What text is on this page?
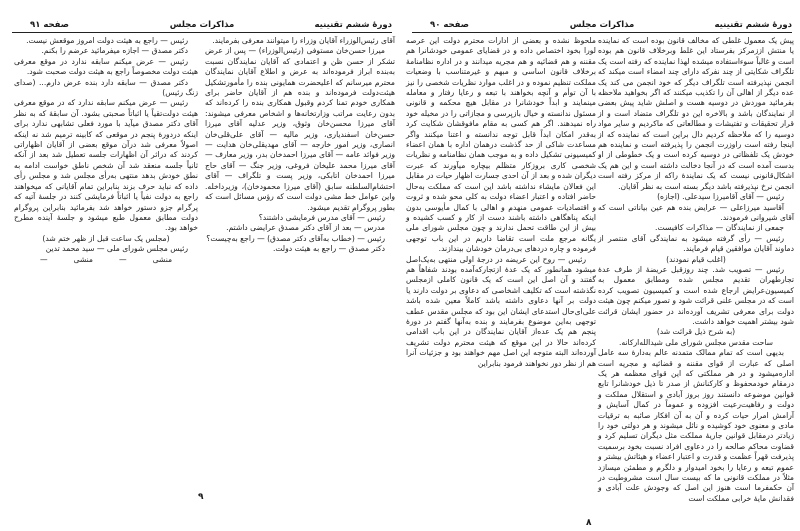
دورهٔ ششم تقنینیه
مذاکرات مجلس
صفحه ۹۱

آقای رئیس‌الوزراء آقایان وزراء را میتوانند معرفی بفرمایند.

میرزا حسن‌خان مستوفی (رئیس‌الوزراء) — پس از عرض تشکر از حسن ظن و اعتمادی که آقایان نمایندگان نسبت به‌بنده ابراز فرموده‌اند به عرض و اطلاع آقایان نمایندگان محترم میرسانم که اعلیحضرت همایونی بنده را مأمورتشکیل هیئت‌دولت فرموده‌اند و بنده هم از آقایان حاضر برای همکاری خودم تمنا کردم وقبول همکاری بنده را کرده‌اند که بدون رعایت مراتب وزارتخانه‌ها و اشخاص معرفی میشوند: آقای میرزا محسن‌خان وثوق، وزیر عدلیه آقای میرزا حسن‌خان اسفندیاری، وزیر مالیه — آقای علی‌قلی‌خان انصاری، وزیر امور خارجه — آقای مهدیقلی‌خان هدایت — وزیر فوائد عامه — آقای میرزا احمدخان بدر، وزیر معارف — آقای میرزا محمد علیخان فروغی، وزیر جنگ — آقای حاج میرزا احمدخان اتابکی، وزیر پست و تلگراف — آقای احتشام‌السلطنه سابق (آقای میرزا محمودخان)، وزیرداخله. واین عوامل خط مشی دولت است که رؤس مسائل است که بطور پروگرام تقدیم میشود.

رئیس — آقای مدرس فرمایشی داشتند؟

مدرس — بعد از آقای دکتر مصدق عرایضی داشتم.

رئیس — (خطاب به‌آقای دکتر مصدق) — راجع به‌چیست؟

دکتر مصدق — راجع به هیئت دولت.

رئیس — راجع به هیئت دولت امروز موقعش نیست.

دکتر مصدق — اجازه میفرمائید عرضم را بکنم.

رئیس — عرض میکنم سابقه ندارد در موقع معرفی هیئت دولت مخصوصاً راجع به هیئت دولت صحبت شود.

دکتر مصدق — سابقه دارد بنده عرض دارم... (صدای زنگ رئیس)

رئیس — عرض میکنم سابقه ندارد که در موقع معرفی هیئت دولت‌تقیاً یا اثباتاً صحبتی بشود. آن سابقهٔ که به نظر آقای دکتر مصدق میآید با مورد فعلی تشابهی ندارد برای اینکه دردورهٔ پنجم در موقعی که کابینه ترمیم شد نه اینکه اصولاً معرفی شد درآن موقع بعضی از آقایان اظهاراتی کردند که دراثر آن اظهارات جلسه تعطیل شد بعد از آنکه ثانیاً جلسه منعقد شد آن شخص ناطق خواست ادامه به نطق خودش بدهد منتهی به‌رأی مجلس شد و مجلس رأی داده که نباید حرف بزند بنابراین تمام آقایانی که میخواهند راجع به دولت نفیاً یا اثباتاً فرمایشی کنند در جلسهٔ آتیه که پرگرام جزو دستور خواهد شد بفرمائید بنابراین پروگرام دولت مطابق معمول طبع میشود و جلسهٔ آینده مطرح خواهد بود.

(مجلس یک ساعت قبل از ظهر ختم شد)

رئیس مجلس شورای ملی — سید محمد تدین

منشی
—
منشی
—
۹
دورهٔ ششم تقنینیه
مذاکرات مجلس
صفحه ۹۰

پیش یک معمول غلطی که مخالف قانون بوده است که نماینده یا منتش اززمرکز بفرستاد این غلط وبرخلاف قانون هم بوده است و غالباً سوءاستفاده میشده لهذا نماینده که رفته است یک تلگراف شکایتی از چند نفرکه دارای چند امضاء است میکند که انجمن نپذیرفته است تلگراف دیگر که خود انجمن می کند یک عده دیگر از اهالی آن را تکذیب میکنند که اگر بخواهید ملاحظه بفرمائید موردش در دوسیه هست و اصلش شاید پیش بعضی از نمایندگان باشد و بالاخره این دو تلگراف متضاد است و از قرار تحقیقات و تفتیشات و مطالعاتی که ماکردیم و سایر مواد دوسیه را که ملاحظه کردیم دال براین است که نماینده که از اینجا رفته است راوزرت انجمن را پذیرفته است و نماینده هم خودش یک تلفظاتی در دوسیه کرده است و یک خطوطی از او بدست آمده است که در آنجا دخالت داشته است و این هم یک اشکال‌قانونی نیست که یک نمایندهٔ راکه از مرکز رفته است انجمن نرخ نپذیرفته باشد دیگر بسته است به نظر آقایان.

رئیس — آقای آقامیرزا سیدعلی. (اجازه)

آقاسید میرزاعلی — عرایض بنده هم عین بیاناتی است که آقای شیروانی فرمودند.

جمعی از نمایندگان — مذاکرات کافیست.

رئیس — رأی گرفته میشود به نمایندگی آقای منتصر از دماوند آقایان موافقین قیام فرمایند.

(اغلب قیام نمودند)

رئیس — تصویب شد. چند روزقبل عریضهٔ از طرف عدهٔ تجارطهران تقدیم مجلس شده ومطابق معمول به کمیسیون‌عرایض ارجاع شده است و کمیسیون تصویب کرده است که در مجلس علنی قرائت شود و تصور میکنم چون هیئت دولت برای معرفی تشریف آورده‌اند در حضور ایشان قرائت شود بیشتر اهمیت خواهد داشت.

(به شرح ذیل قرائت شد)

ساحت مقدس مجلس شورای ملی شیدالله‌ارکانه.

بدیهی است که تمام ممالک متمدنه عالم به‌دارهٔ سه عامل اصلی که عبارت از قوای مقننه و قضائیه و مجریه است اداره‌میشود و در هر مملکتی که این قوای معظمه هر یک درمقام خودمحفوظ و کارکنانش از صدر تا ذیل خودشانرا تابع قوانین موضوعه دانستند روز بروز آبادی و استقلال مملکت و دولت و رفاهیت‌رعیت افزوده و عموماً در کمال آسایش و آرامش امرار حیات کرده و آن به آن افکار صائبه به ترقیات مادی و معنوی خود کوشیده و نائل میشوند و هر دولتی خود را زیادتر درمقابل قوانین جاریهٔ مملکت مثل دیگران تسلیم کرد و قضاوت محاکم صالحه را در دعاوی افراد نسبت بخود برسمیت پذیرفت قهراً عظمت و قدرت و اعتبار اعضاء و هیئاتش بیشتر و عموم تبعه و رعایا را بخود امیدوار و دلگرم و مطمئن میسازد مثلاً در مملکت قانونی ما که بیست سال است مشروطیت در آن حکمفرما است هنوز این اصل که وجودش علت آبادی و فقدانش مایهٔ خرابی مملکت است

ملحوظ نشده و بعضی از ادارات محترم دولت این عرصه لورا بخود اختصاص داده و در قضایای عمومی خودشانرا هم مقننه و هم قضائیه و هم مجریه میدانند و در اداره نظامنامهٔ برخلاف قانون اساسی و مبهم و غیرمتناسب با وضعیات مملکت تنظیم نموده و در اغلب موارد نظریات شخصی را نیز با آن توأم و آنچه بخواهند با تبعه و رعایا رفتار و معامله مینمایند و ابداً خودشانرا در مقابل هیچ محکمه و قانونی مسئول ندانسته و خیال بازپرسی و مجازاتی را در مخیله خود راه نمیدهند. اگر هم کسی به مقام مافوقشان شکایت کرد به‌قدر امکان ابداً قابل توجه ندانسته و اعتنا میکنند واگر مساعدت شاکی از حد گذشت درهمان اداره با همان اعضاء کمیسیونی تشکیل داده و به موجب همان نظامنامه و نظریات شخصی کاری بروزکار متظلم بیچاره میآورند که عبرت دیگران شده و بعد از آن احدی جسارت اظهار حیات در مقابل این فعالان مایشاء نداشته باشد این است که مملکت به‌حال حاضر افتاده و اعتبار اعضاء دولت به کلی محو شده و ثروت و اقتصادیات عمومی منهدم و اهالی با کمال مأیوسی بدون اینکه پناهگاهی داشته باشند دست از کار و کسب کشیده و بیش از این طاقت تحمل ندارند و چون مجلس شورای ملی یگانه مرجع ملت است تقاضا داریم در این باب توجهی فرموده و چاره دردهای بی‌درمان خودشان بیندازند.

رئیس — روح این عریضه در درجهٔ اولی منتهی به‌یک‌اصل میشود همانطور که یک عدهٔ ازتجارکه‌آمده بودند شفاهاً هم گفتند و آن اصل این است که یک قانون کاملی ازمجلس نگذشته است که تکلیف اشخاصی که دعاوی بر دولت دارند یا دولت بر آنها دعاوی داشته باشد کاملاً معین شده باشد علی‌ای‌حال استدعای ایشان این بود که مجلس مقدس عطف توجهی به‌این موضوع بفرمایند و بنده به‌آنها گفتم در دورهٔ پنجم هم یک عده‌از آقایان نمایندگان در این باب اقدامی کرده‌اند حالا در این موقع که هیئت محترم دولت تشریف آورده‌اند البته متوجه این اصل مهم خواهند بود و جزئیات آنرا هم از نظر دور نخواهند فرمود بنابراین

۸
